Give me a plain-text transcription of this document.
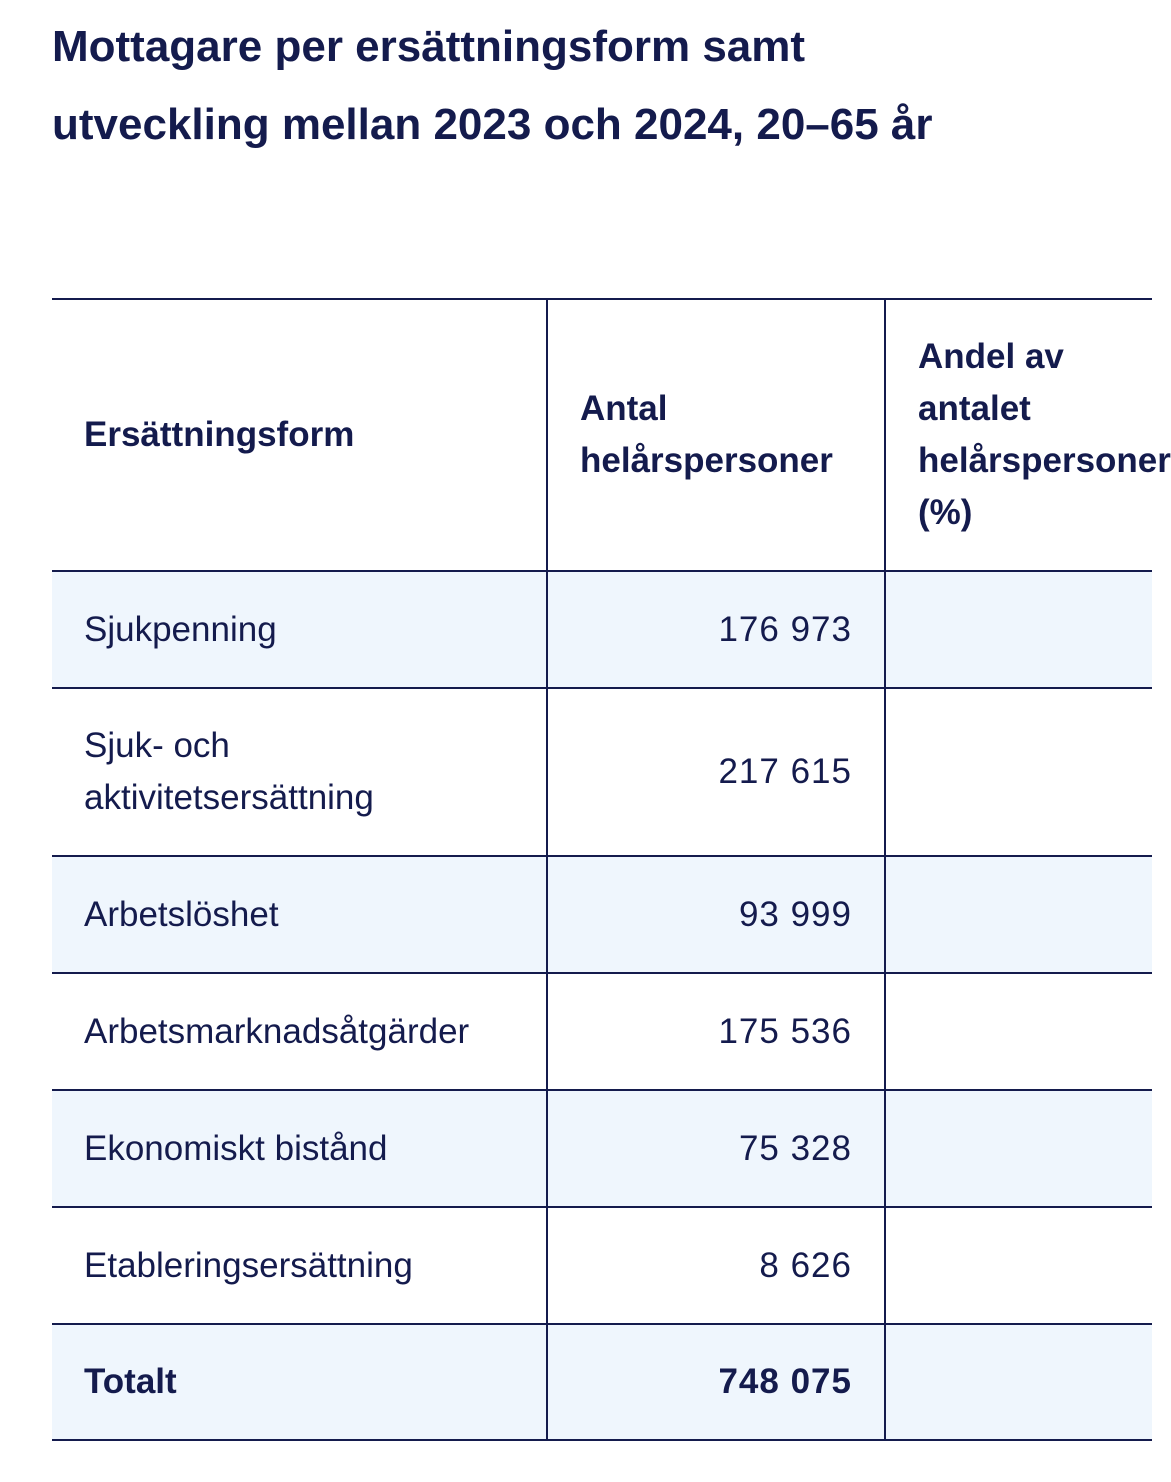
Mottagare per ersättningsform samt utveckling mellan 2023 och 2024, 20–65 år
Ersättningsform	Antal helårspersoner	Andel av antalet helårspersoner (%)
Sjukpenning	176 973	
Sjuk- och aktivitetsersättning	217 615	
Arbetslöshet	93 999	
Arbetsmarknadsåtgärder	175 536	
Ekonomiskt bistånd	75 328	
Etableringsersättning	8 626	
Totalt	748 075	
